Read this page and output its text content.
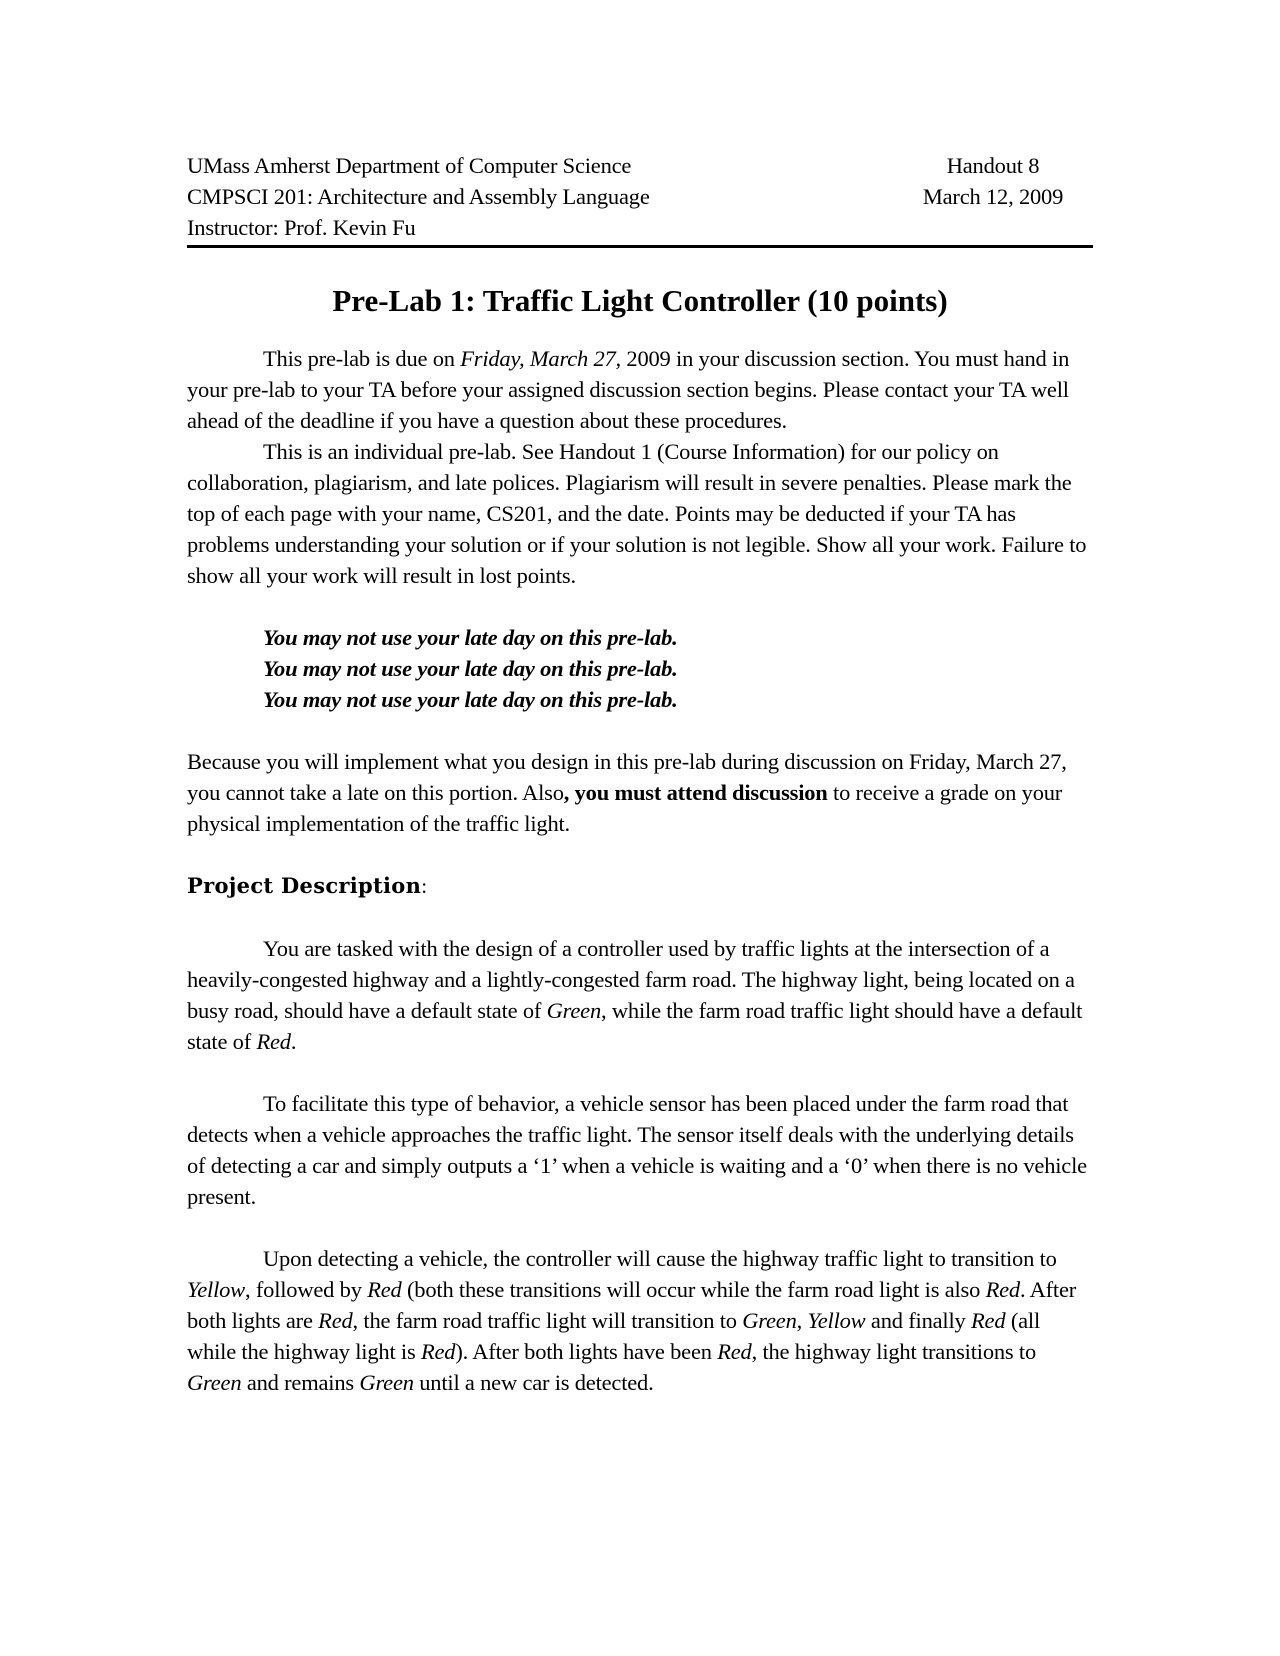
UMass Amherst Department of Computer Science
CMPSCI 201: Architecture and Assembly Language
Instructor: Prof. Kevin Fu
Handout 8
March 12, 2009
Pre-Lab 1: Traffic Light Controller (10 points)

This pre-lab is due on Friday, March 27, 2009 in your discussion section. You must hand in your pre-lab to your TA before your assigned discussion section begins. Please contact your TA well ahead of the deadline if you have a question about these procedures.

This is an individual pre-lab. See Handout 1 (Course Information) for our policy on collaboration, plagiarism, and late polices. Plagiarism will result in severe penalties. Please mark the top of each page with your name, CS201, and the date. Points may be deducted if your TA has problems understanding your solution or if your solution is not legible. Show all your work. Failure to show all your work will result in lost points.

You may not use your late day on this pre-lab.
You may not use your late day on this pre-lab.
You may not use your late day on this pre-lab.

Because you will implement what you design in this pre-lab during discussion on Friday, March 27, you cannot take a late on this portion. Also, you must attend discussion to receive a grade on your physical implementation of the traffic light.

Project Description:

You are tasked with the design of a controller used by traffic lights at the intersection of a heavily-congested highway and a lightly-congested farm road. The highway light, being located on a busy road, should have a default state of Green, while the farm road traffic light should have a default state of Red.

To facilitate this type of behavior, a vehicle sensor has been placed under the farm road that detects when a vehicle approaches the traffic light. The sensor itself deals with the underlying details of detecting a car and simply outputs a ‘1’ when a vehicle is waiting and a ‘0’ when there is no vehicle present.

Upon detecting a vehicle, the controller will cause the highway traffic light to transition to Yellow, followed by Red (both these transitions will occur while the farm road light is also Red. After both lights are Red, the farm road traffic light will transition to Green, Yellow and finally Red (all while the highway light is Red). After both lights have been Red, the highway light transitions to Green and remains Green until a new car is detected.
